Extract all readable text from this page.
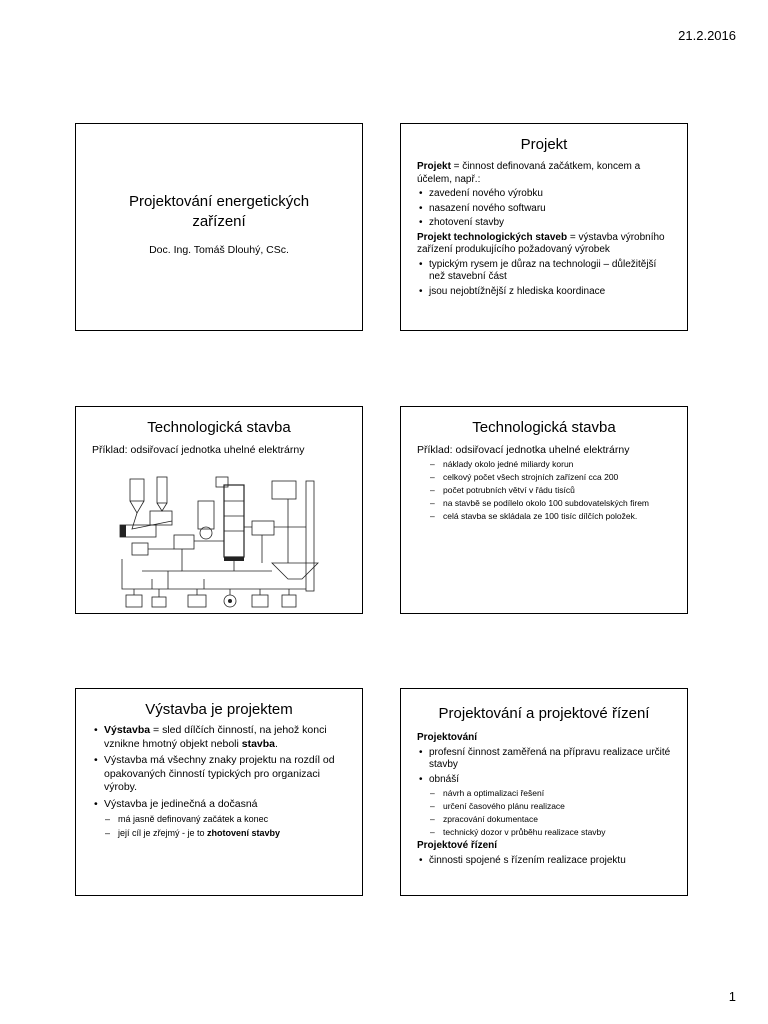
21.2.2016
Projektování energetických zařízení
Doc. Ing. Tomáš Dlouhý, CSc.
Projekt

Projekt = činnost definovaná začátkem, koncem a účelem, např.:

• zavedení nového výrobku
• nasazení nového softwaru
• zhotovení stavby

Projekt technologických staveb = výstavba výrobního zařízení produkujícího požadovaný výrobek

• typickým rysem je důraz na technologii – důležitější než stavební část
• jsou nejobtížnější z hlediska koordinace
Technologická stavba
Příklad: odsiřovací jednotka uhelné elektrárny
Technologická stavba
Příklad: odsiřovací jednotka uhelné elektrárny
– náklady okolo jedné miliardy korun
– celkový počet všech strojních zařízení cca 200
– počet potrubních větví v řádu tisíců
– na stavbě se podílelo okolo 100 subdovatelských firem
– celá stavba se skládala ze 100 tisíc dílčích položek.
Výstavba je projektem
• Výstavba = sled dílčích činností, na jehož konci vznikne hmotný objekt neboli stavba.
• Výstavba má všechny znaky projektu na rozdíl od opakovaných činností typických pro organizaci výroby.
• Výstavba je jedinečná a dočasná
– má jasně definovaný začátek a konec
– její cíl je zřejmý - je to zhotovení stavby
Projektování a projektové řízení

Projektování

• profesní činnost zaměřená na přípravu realizace určité stavby
• obnáší
– návrh a optimalizaci řešení
– určení časového plánu realizace
– zpracování dokumentace
– technický dozor v průběhu realizace stavby

Projektové řízení

• činnosti spojené s řízením realizace projektu
1
